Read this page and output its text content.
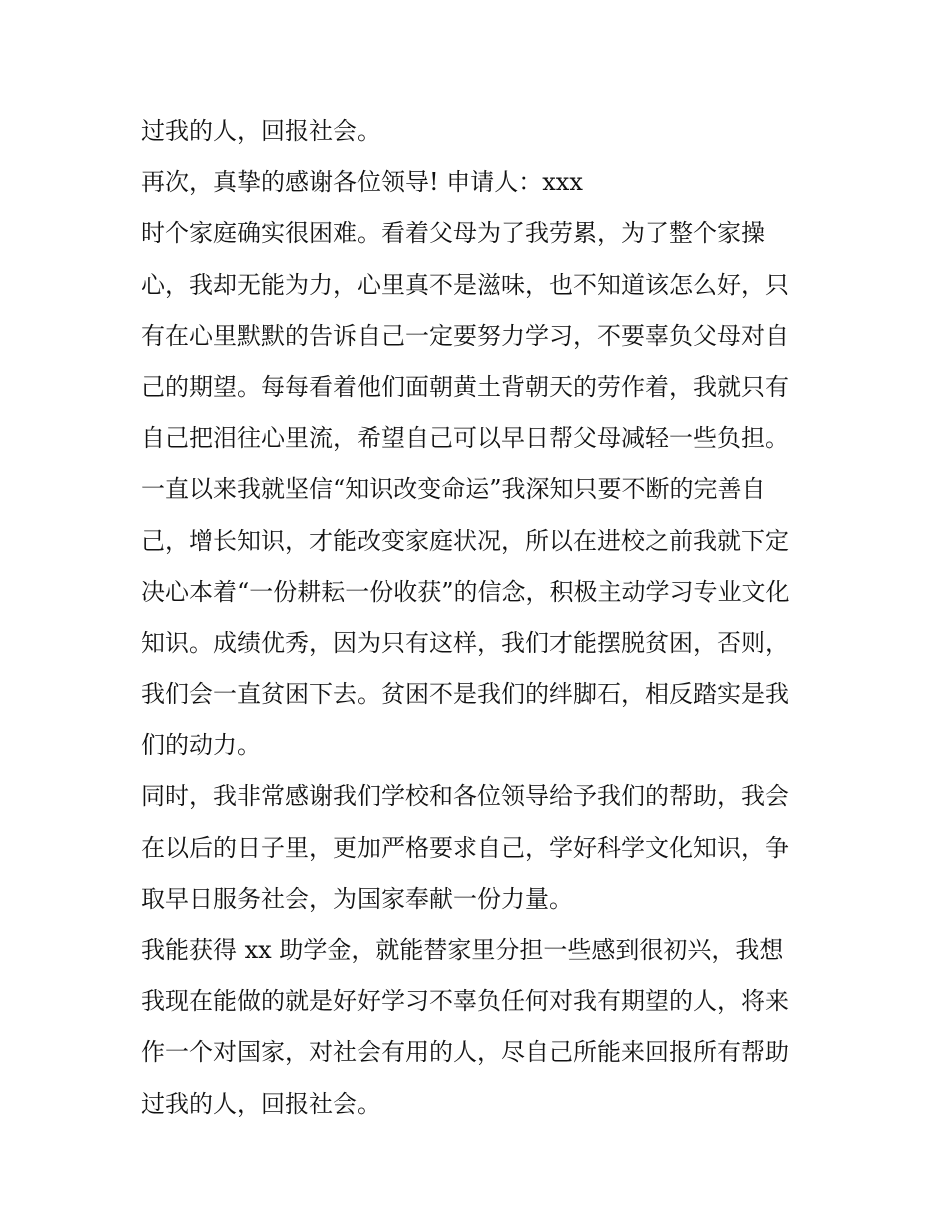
过我的人，回报社会。
再次，真挚的感谢各位领导! 申请人：xxx
时个家庭确实很困难。看着父母为了我劳累，为了整个家操
心，我却无能为力，心里真不是滋味，也不知道该怎么好，只
有在心里默默的告诉自己一定要努力学习，不要辜负父母对自
己的期望。每每看着他们面朝黄土背朝天的劳作着，我就只有
自己把泪往心里流，希望自己可以早日帮父母减轻一些负担。
一直以来我就坚信“知识改变命运”我深知只要不断的完善自
己，增长知识，才能改变家庭状况，所以在进校之前我就下定
决心本着“一份耕耘一份收获”的信念，积极主动学习专业文化
知识。成绩优秀，因为只有这样，我们才能摆脱贫困，否则，
我们会一直贫困下去。贫困不是我们的绊脚石，相反踏实是我
们的动力。
同时，我非常感谢我们学校和各位领导给予我们的帮助，我会
在以后的日子里，更加严格要求自己，学好科学文化知识，争
取早日服务社会，为国家奉献一份力量。
我能获得 xx 助学金，就能替家里分担一些感到很初兴，我想
我现在能做的就是好好学习不辜负任何对我有期望的人，将来
作一个对国家，对社会有用的人，尽自己所能来回报所有帮助
过我的人，回报社会。
